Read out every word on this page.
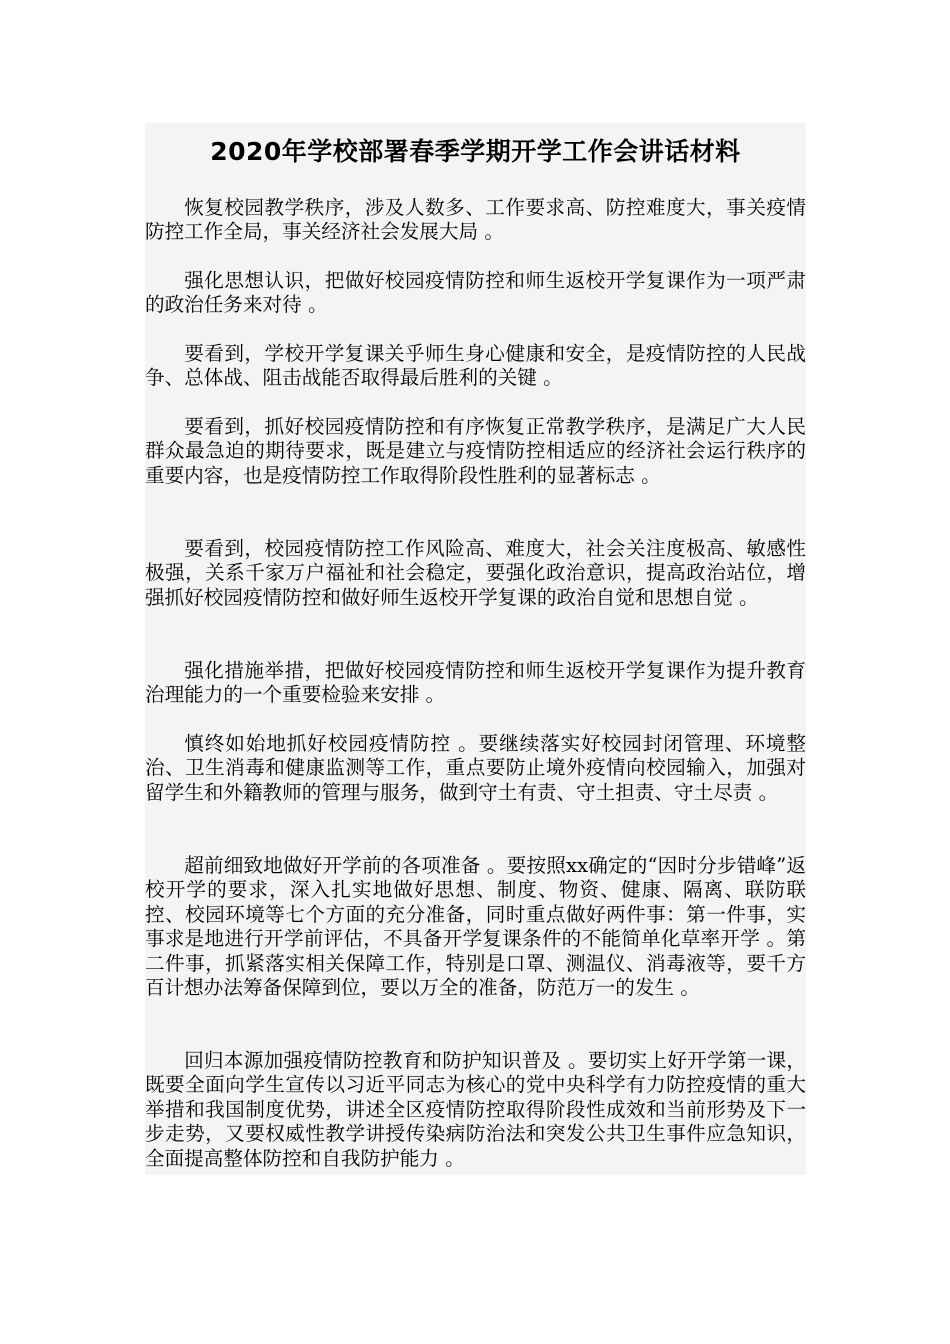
2020年学校部署春季学期开学工作会讲话材料

恢复校园教学秩序，涉及人数多、工作要求高、防控难度大，事关疫情防控工作全局，事关经济社会发展大局 。

强化思想认识，把做好校园疫情防控和师生返校开学复课作为一项严肃的政治任务来对待 。

要看到，学校开学复课关乎师生身心健康和安全，是疫情防控的人民战争、总体战、阻击战能否取得最后胜利的关键 。

要看到，抓好校园疫情防控和有序恢复正常教学秩序，是满足广大人民群众最急迫的期待要求，既是建立与疫情防控相适应的经济社会运行秩序的重要内容，也是疫情防控工作取得阶段性胜利的显著标志 。

要看到，校园疫情防控工作风险高、难度大，社会关注度极高、敏感性极强，关系千家万户福祉和社会稳定，要强化政治意识，提高政治站位，增强抓好校园疫情防控和做好师生返校开学复课的政治自觉和思想自觉 。

强化措施举措，把做好校园疫情防控和师生返校开学复课作为提升教育治理能力的一个重要检验来安排 。

慎终如始地抓好校园疫情防控 。要继续落实好校园封闭管理、环境整治、卫生消毒和健康监测等工作，重点要防止境外疫情向校园输入，加强对留学生和外籍教师的管理与服务，做到守土有责、守土担责、守土尽责 。

超前细致地做好开学前的各项准备 。要按照xx确定的“因时分步错峰”返校开学的要求，深入扎实地做好思想、制度、物资、健康、隔离、联防联控、校园环境等七个方面的充分准备，同时重点做好两件事：第一件事，实事求是地进行开学前评估，不具备开学复课条件的不能简单化草率开学 。第二件事，抓紧落实相关保障工作，特别是口罩、测温仪、消毒液等，要千方百计想办法筹备保障到位，要以万全的准备，防范万一的发生 。

回归本源加强疫情防控教育和防护知识普及 。要切实上好开学第一课，既要全面向学生宣传以习近平同志为核心的党中央科学有力防控疫情的重大举措和我国制度优势，讲述全区疫情防控取得阶段性成效和当前形势及下一步走势，又要权威性教学讲授传染病防治法和突发公共卫生事件应急知识，全面提高整体防控和自我防护能力 。
